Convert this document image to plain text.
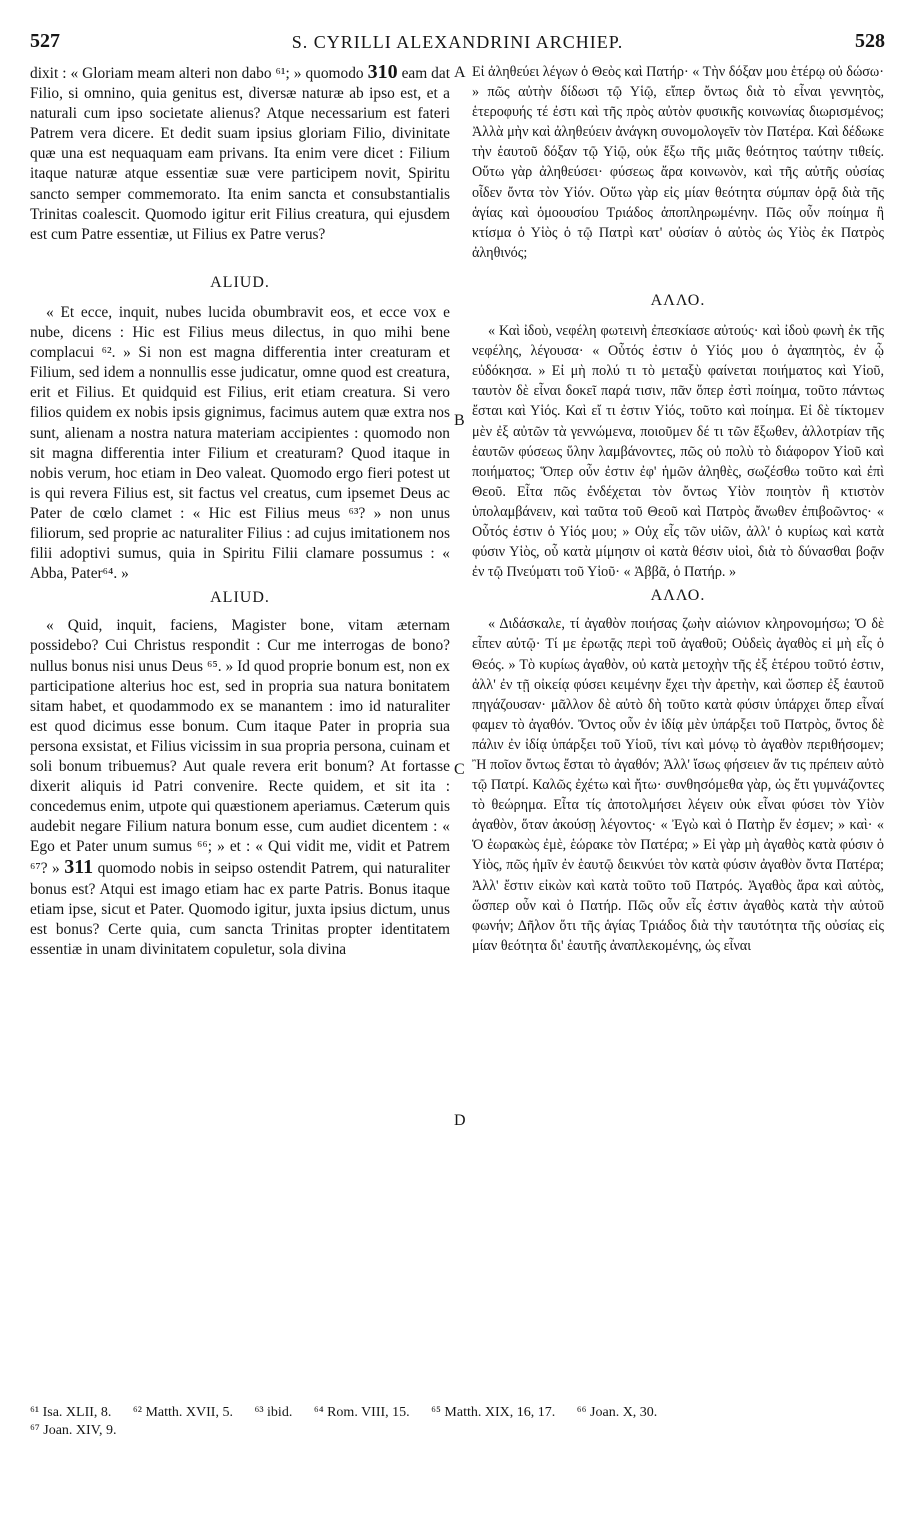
527	S. CYRILLI ALEXANDRINI ARCHIEP.	528
A
B
C
D

dixit : « Gloriam meam alteri non dabo ⁶¹; » quomodo 310 eam dat Filio, si omnino, quia genitus est, diversæ naturæ ab ipso est, et a naturali cum ipso societate alienus? Atque necessarium est fateri Patrem vera dicere. Et dedit suam ipsius gloriam Filio, divinitate quæ una est nequaquam eam privans. Ita enim vere dicet : Filium itaque naturæ atque essentiæ suæ vere participem novit, Spiritu sancto semper commemorato. Ita enim sancta et consubstantialis Trinitas coalescit. Quomodo igitur erit Filius creatura, qui ejusdem est cum Patre essentiæ, ut Filius ex Patre verus?

ALIUD.

« Et ecce, inquit, nubes lucida obumbravit eos, et ecce vox e nube, dicens : Hic est Filius meus dilectus, in quo mihi bene complacui ⁶². » Si non est magna differentia inter creaturam et Filium, sed idem a nonnullis esse judicatur, omne quod est creatura, erit et Filius. Et quidquid est Filius, erit etiam creatura. Si vero filios quidem ex nobis ipsis gignimus, facimus autem quæ extra nos sunt, alienam a nostra natura materiam accipientes : quomodo non sit magna differentia inter Filium et creaturam? Quod itaque in nobis verum, hoc etiam in Deo valeat. Quomodo ergo fieri potest ut is qui revera Filius est, sit factus vel creatus, cum ipsemet Deus ac Pater de cœlo clamet : « Hic est Filius meus ⁶³? » non unus filiorum, sed proprie ac naturaliter Filius : ad cujus imitationem nos filii adoptivi sumus, quia in Spiritu Filii clamare possumus : « Abba, Pater⁶⁴. »

ALIUD.

« Quid, inquit, faciens, Magister bone, vitam æternam possidebo? Cui Christus respondit : Cur me interrogas de bono? nullus bonus nisi unus Deus ⁶⁵. » Id quod proprie bonum est, non ex participatione alterius hoc est, sed in propria sua natura bonitatem sitam habet, et quodammodo ex se manantem : imo id naturaliter est quod dicimus esse bonum. Cum itaque Pater in propria sua persona exsistat, et Filius vicissim in sua propria persona, cuinam et soli bonum tribuemus? Aut quale revera erit bonum? At fortasse dixerit aliquis id Patri convenire. Recte quidem, et sit ita : concedemus enim, utpote qui quæstionem aperiamus. Cæterum quis audebit negare Filium natura bonum esse, cum audiet dicentem : « Ego et Pater unum sumus ⁶⁶; » et : « Qui vidit me, vidit et Patrem ⁶⁷? » 311 quomodo nobis in seipso ostendit Patrem, qui naturaliter bonus est? Atqui est imago etiam hac ex parte Patris. Bonus itaque etiam ipse, sicut et Pater. Quomodo igitur, juxta ipsius dictum, unus est bonus? Certe quia, cum sancta Trinitas propter identitatem essentiæ in unam divinitatem copuletur, sola divina

Εἰ ἀληθεύει λέγων ὁ Θεὸς καὶ Πατήρ· « Τὴν δόξαν μου ἑτέρῳ οὐ δώσω· » πῶς αὐτὴν δίδωσι τῷ Υἱῷ, εἴπερ ὄντως διὰ τὸ εἶναι γεννητὸς, ἑτεροφυής τέ ἐστι καὶ τῆς πρὸς αὐτὸν φυσικῆς κοινωνίας διωρισμένος; Ἀλλὰ μὴν καὶ ἀληθεύειν ἀνάγκη συνομολογεῖν τὸν Πατέρα. Καὶ δέδωκε τὴν ἑαυτοῦ δόξαν τῷ Υἱῷ, οὐκ ἔξω τῆς μιᾶς θεότητος ταύτην τιθείς. Οὕτω γὰρ ἀληθεύσει· φύσεως ἄρα κοινωνὸν, καὶ τῆς αὐτῆς οὐσίας οἶδεν ὄντα τὸν Υἱόν. Οὕτω γὰρ εἰς μίαν θεότητα σύμπαν ὁρᾷ διὰ τῆς ἁγίας καὶ ὁμοουσίου Τριάδος ἀποπληρωμένην. Πῶς οὖν ποίημα ἢ κτίσμα ὁ Υἱὸς ὁ τῷ Πατρὶ κατ' οὐσίαν ὁ αὐτὸς ὡς Υἱὸς ἐκ Πατρὸς ἀληθινός;

ΑΛΛΟ.

« Καὶ ἰδοὺ, νεφέλη φωτεινὴ ἐπεσκίασε αὐτούς· καὶ ἰδοὺ φωνὴ ἐκ τῆς νεφέλης, λέγουσα· « Οὗτός ἐστιν ὁ Υἱός μου ὁ ἀγαπητὸς, ἐν ᾧ εὐδόκησα. » Εἰ μὴ πολύ τι τὸ μεταξὺ φαίνεται ποιήματος καὶ Υἱοῦ, ταυτὸν δὲ εἶναι δοκεῖ παρά τισιν, πᾶν ὅπερ ἐστὶ ποίημα, τοῦτο πάντως ἔσται καὶ Υἱός. Καὶ εἴ τι ἐστιν Υἱός, τοῦτο καὶ ποίημα. Εἰ δὲ τίκτομεν μὲν ἐξ αὐτῶν τὰ γεννώμενα, ποιοῦμεν δέ τι τῶν ἔξωθεν, ἀλλοτρίαν τῆς ἑαυτῶν φύσεως ὕλην λαμβάνοντες, πῶς οὐ πολὺ τὸ διάφορον Υἱοῦ καὶ ποιήματος; Ὅπερ οὖν ἐστιν ἐφ' ἡμῶν ἀληθὲς, σωζέσθω τοῦτο καὶ ἐπὶ Θεοῦ. Εἶτα πῶς ἐνδέχεται τὸν ὄντως Υἱὸν ποιητὸν ἢ κτιστὸν ὑπολαμβάνειν, καὶ ταῦτα τοῦ Θεοῦ καὶ Πατρὸς ἄνωθεν ἐπιβοῶντος· « Οὗτός ἐστιν ὁ Υἱός μου; » Οὐχ εἷς τῶν υἱῶν, ἀλλ' ὁ κυρίως καὶ κατὰ φύσιν Υἱὸς, οὗ κατὰ μίμησιν οἱ κατὰ θέσιν υἱοὶ, διὰ τὸ δύνασθαι βοᾷν ἐν τῷ Πνεύματι τοῦ Υἱοῦ· « Ἀββᾶ, ὁ Πατήρ. »

ΑΛΛΟ.

« Διδάσκαλε, τί ἀγαθὸν ποιήσας ζωὴν αἰώνιον κληρονομήσω; Ὁ δὲ εἶπεν αὐτῷ· Τί με ἐρωτᾷς περὶ τοῦ ἀγαθοῦ; Οὐδεὶς ἀγαθὸς εἰ μὴ εἷς ὁ Θεός. » Τὸ κυρίως ἀγαθὸν, οὐ κατὰ μετοχὴν τῆς ἐξ ἑτέρου τοῦτό ἐστιν, ἀλλ' ἐν τῇ οἰκείᾳ φύσει κειμένην ἔχει τὴν ἀρετὴν, καὶ ὥσπερ ἐξ ἑαυτοῦ πηγάζουσαν· μᾶλλον δὲ αὐτὸ δὴ τοῦτο κατὰ φύσιν ὑπάρχει ὅπερ εἶναί φαμεν τὸ ἀγαθόν. Ὄντος οὖν ἐν ἰδίᾳ μὲν ὑπάρξει τοῦ Πατρὸς, ὄντος δὲ πάλιν ἐν ἰδίᾳ ὑπάρξει τοῦ Υἱοῦ, τίνι καὶ μόνῳ τὸ ἀγαθὸν περιθήσομεν; Ἢ ποῖον ὄντως ἔσται τὸ ἀγαθόν; Ἀλλ' ἴσως φήσειεν ἄν τις πρέπειν αὐτὸ τῷ Πατρί. Καλῶς ἐχέτω καὶ ἤτω· συνθησόμεθα γὰρ, ὡς ἔτι γυμνάζοντες τὸ θεώρημα. Εἶτα τίς ἀποτολμήσει λέγειν οὐκ εἶναι φύσει τὸν Υἱὸν ἀγαθὸν, ὅταν ἀκούσῃ λέγοντος· « Ἐγὼ καὶ ὁ Πατὴρ ἕν ἐσμεν; » καὶ· « Ὁ ἑωρακὼς ἐμὲ, ἑώρακε τὸν Πατέρα; » Εἰ γὰρ μὴ ἀγαθὸς κατὰ φύσιν ὁ Υἱὸς, πῶς ἡμῖν ἐν ἑαυτῷ δεικνύει τὸν κατὰ φύσιν ἀγαθὸν ὄντα Πατέρα; Ἀλλ' ἔστιν εἰκὼν καὶ κατὰ τοῦτο τοῦ Πατρός. Ἀγαθὸς ἄρα καὶ αὐτὸς, ὥσπερ οὖν καὶ ὁ Πατήρ. Πῶς οὖν εἷς ἐστιν ἀγαθὸς κατὰ τὴν αὐτοῦ φωνήν; Δῆλον ὅτι τῆς ἁγίας Τριάδος διὰ τὴν ταυτότητα τῆς οὐσίας εἰς μίαν θεότητα δι' ἑαυτῆς ἀναπλεκομένης, ὡς εἶναι

⁶¹ Isa. XLII, 8. ⁶² Matth. XVII, 5. ⁶³ ibid. ⁶⁴ Rom. VIII, 15. ⁶⁵ Matth. XIX, 16, 17. ⁶⁶ Joan. X, 30.
⁶⁷ Joan. XIV, 9.
